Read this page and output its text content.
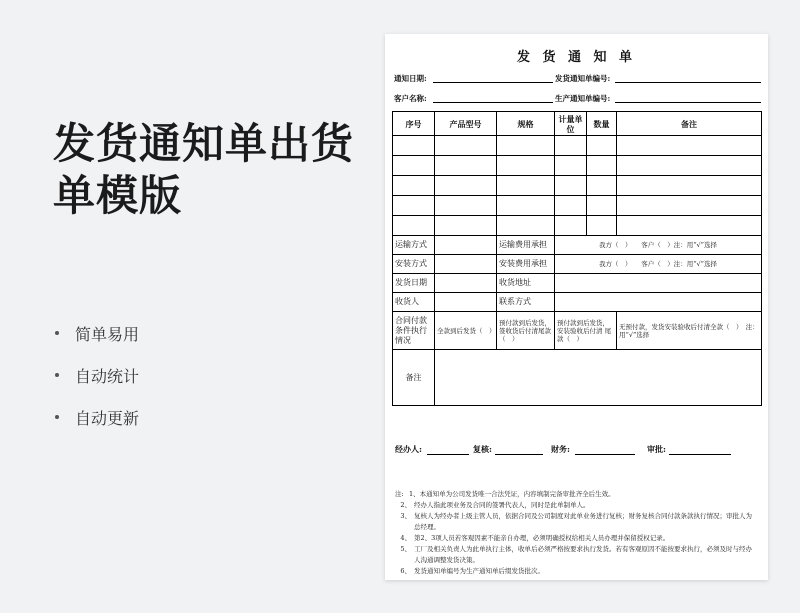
发货通知单出货单模版
简单易用
自动统计
自动更新
发 货 通 知 单
通知日期:	发货通知单编号:
客户名称:	生产通知单编号:
序号	产品型号	规格	计量单位	数量	备注

运输方式		运输费用承担	我方（　）　　客户（　）注：用“√”选择		
安装方式		安装费用承担	我方（　）　　客户（　）注：用“√”选择		
发货日期		收货地址			
收货人		联系方式			
合同付款条件执行情况	全款到后发货（　）	预付款到后发货，签收货后付清尾款（　）	预付款到后发货，安装验收后付清 尾款（　）		无预付款，发货安装验收后付清全款（　）　注：用“√”选择
备注					
经办人:	复核:	财务:	审批:
注: 1、本通知单为公司发货唯一合法凭证，内容填制完备审批齐全后生效。
2、 经办人指此项业务及合同的签署代表人，同时是此单制单人。
3、 复核人为经办者上级主管人员，依据合同及公司制度对此单业务进行复核；财务复核合同付款条款执行情况；审批人为总经理。
4、 第2、3项人员若客观因素不能亲自办理，必须明确授权给相关人员办理并保留授权记录。
5、 工厂及相关负责人为此单执行主体，收单后必须严格按要求执行发货。若有客观原因不能按要求执行，必须及时与经办人沟通调整发货决策。
6、 发货通知单编号为生产通知单后缀发货批次。
